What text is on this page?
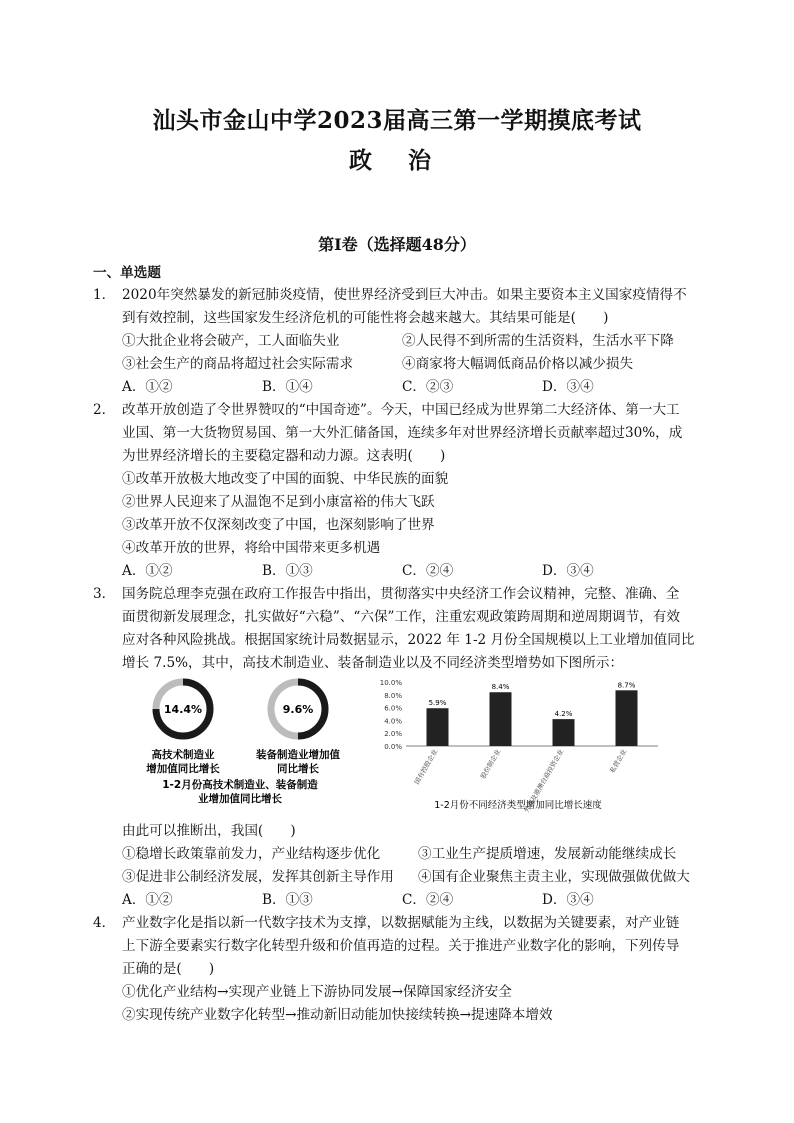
汕头市金山中学2023届高三第一学期摸底考试
政 治
第Ⅰ卷（选择题48分）
一、单选题
1． 2020年突然暴发的新冠肺炎疫情，使世界经济受到巨大冲击。如果主要资本主义国家疫情得不
到有效控制，这些国家发生经济危机的可能性将会越来越大。其结果可能是(　　)
①大批企业将会破产，工人面临失业	②人民得不到所需的生活资料，生活水平下降
③社会生产的商品将超过社会实际需求	④商家将大幅调低商品价格以减少损失
A．①②	B．①④	C．②③	D．③④
2． 改革开放创造了令世界赞叹的“中国奇迹”。今天，中国已经成为世界第二大经济体、第一大工
业国、第一大货物贸易国、第一大外汇储备国，连续多年对世界经济增长贡献率超过30%，成
为世界经济增长的主要稳定器和动力源。这表明(　　)
①改革开放极大地改变了中国的面貌、中华民族的面貌
②世界人民迎来了从温饱不足到小康富裕的伟大飞跃
③改革开放不仅深刻改变了中国，也深刻影响了世界
④改革开放的世界，将给中国带来更多机遇
A．①②	B．①③	C．②④	D．③④
3． 国务院总理李克强在政府工作报告中指出，贯彻落实中央经济工作会议精神，完整、准确、全
面贯彻新发展理念，扎实做好“六稳”、“六保”工作，注重宏观政策跨周期和逆周期调节，有效
应对各种风险挑战。根据国家统计局数据显示，2022 年 1-2 月份全国规模以上工业增加值同比
增长 7.5%，其中，高技术制造业、装备制造业以及不同经济类型增势如下图所示：
14.4%
高技术制造业
增加值同比增长
9.6%
装备制造业增加值
同比增长
1-2月份高技术制造业、装备制造
业增加值同比增长
0.0%
2.0%
4.0%
6.0%
8.0%
10.0%
5.9%
国有控股企业
8.4%
股份制企业
4.2%
外商及港澳台商投资企业
8.7%
私营企业
1-2月份不同经济类型增加同比增长速度
由此可以推断出，我国(　　)
①稳增长政策靠前发力，产业结构逐步优化	③工业生产提质增速，发展新动能继续成长
③促进非公制经济发展，发挥其创新主导作用 ④国有企业聚焦主责主业，实现做强做优做大
A．①②	B．①③	C．②④	D．③④
4． 产业数字化是指以新一代数字技术为支撑，以数据赋能为主线，以数据为关键要素，对产业链
上下游全要素实行数字化转型升级和价值再造的过程。关于推进产业数字化的影响，下列传导
正确的是(　　)
①优化产业结构→实现产业链上下游协同发展→保障国家经济安全
②实现传统产业数字化转型→推动新旧动能加快接续转换→提速降本增效
